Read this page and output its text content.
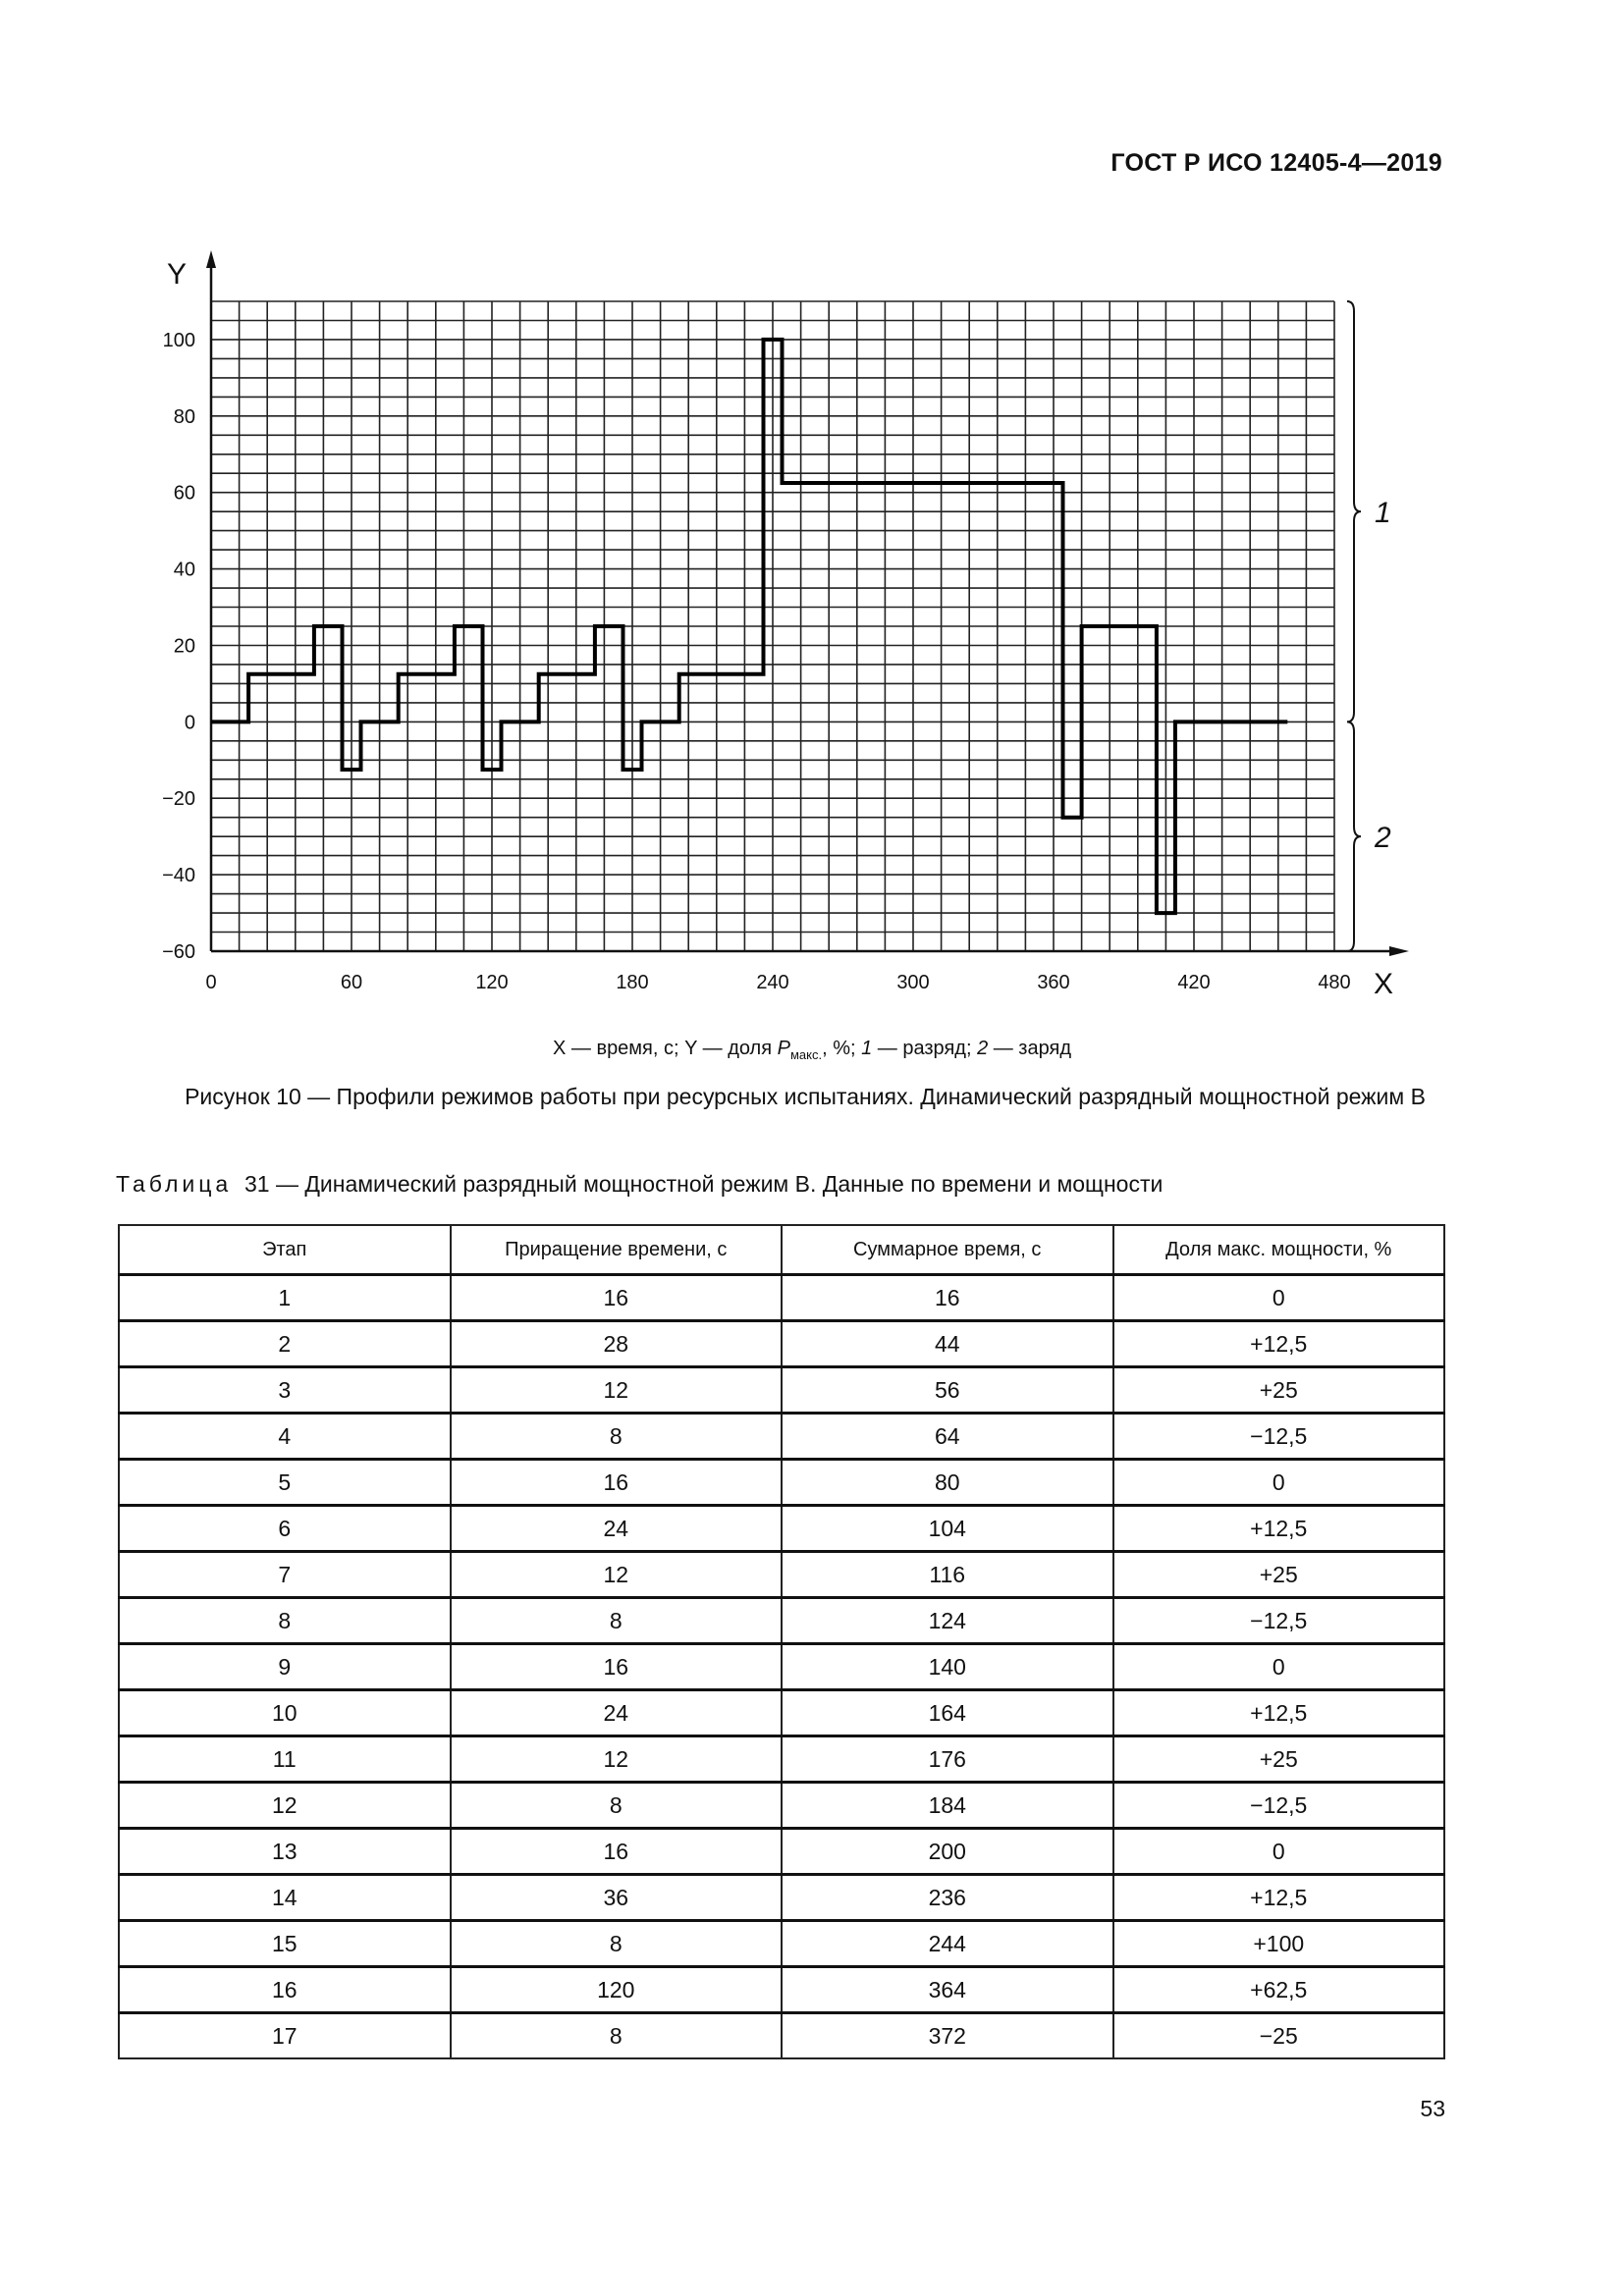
ГОСТ Р ИСО 12405-4—2019
Y
X
100
80
60
40
20
0
−20
−40
−60
0	60	120	180	240	300	360	420	480
1
2
X — время, с; Y — доля $P_{макс.}$, %; 1 — разряд; 2 — заряд
Рисунок 10 — Профили режимов работы при ресурсных испытаниях. Динамический разрядный мощностной режим В
Таблица 31 — Динамический разрядный мощностной режим В. Данные по времени и мощности
Этап	Приращение времени, с	Суммарное время, с	Доля макс. мощности, %
1	16	16	0
2	28	44	+12,5
3	12	56	+25
4	8	64	−12,5
5	16	80	0
6	24	104	+12,5
7	12	116	+25
8	8	124	−12,5
9	16	140	0
10	24	164	+12,5
11	12	176	+25
12	8	184	−12,5
13	16	200	0
14	36	236	+12,5
15	8	244	+100
16	120	364	+62,5
17	8	372	−25
53
